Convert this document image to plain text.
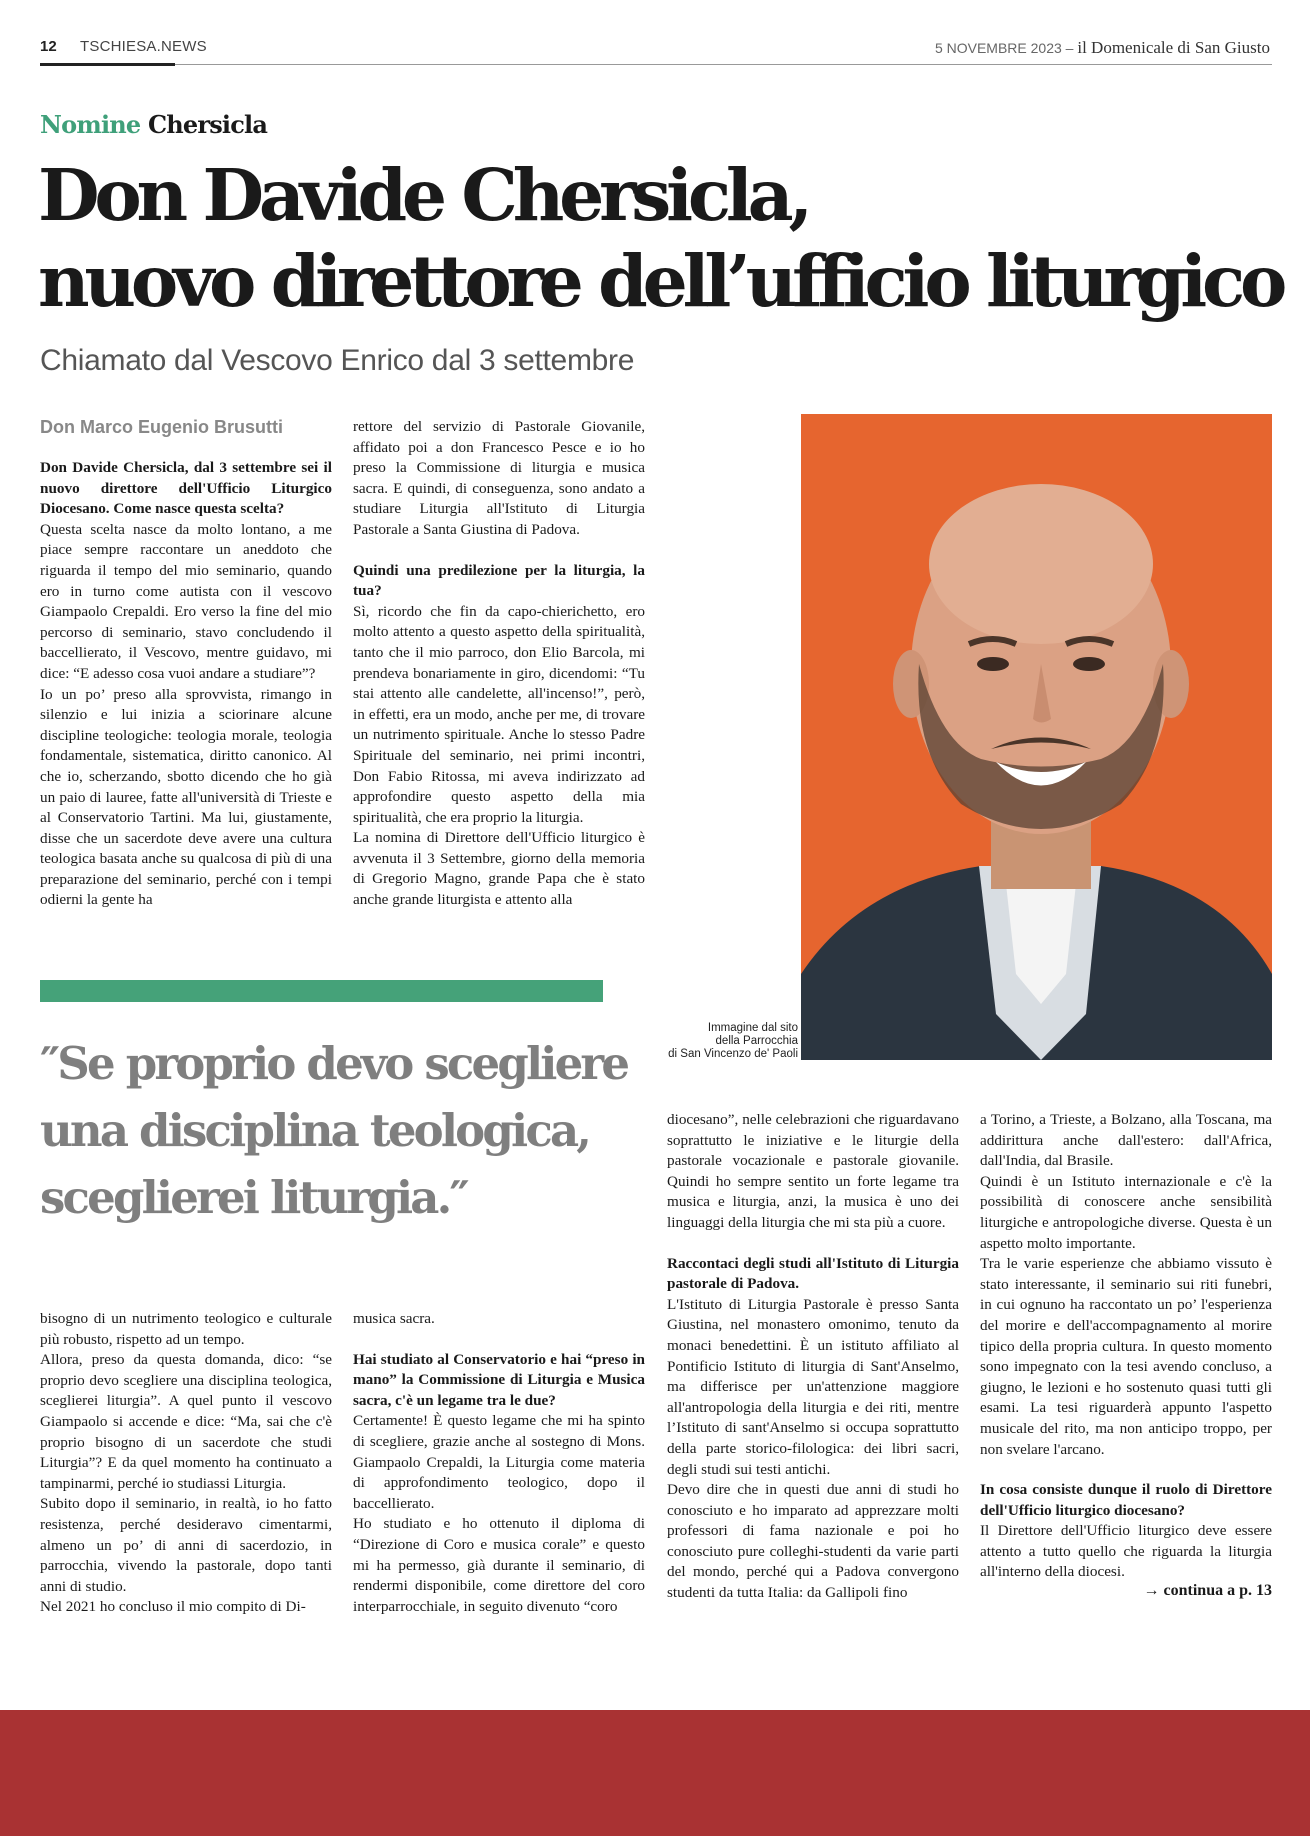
12 TSCHIESA.NEWS	5 NOVEMBRE 2023 – il Domenicale di San Giusto
Nomine Chersicla
Don Davide Chersicla,
nuovo direttore dell’ufficio liturgico
Chiamato dal Vescovo Enrico dal 3 settembre
Don Marco Eugenio Brusutti

Don Davide Chersicla, dal 3 settembre sei il nuovo direttore dell'Ufficio Liturgico Diocesano. Come nasce questa scelta?

Questa scelta nasce da molto lontano, a me piace sempre raccontare un aneddoto che riguarda il tempo del mio seminario, quando ero in turno come autista con il vescovo Giampaolo Crepaldi. Ero verso la fine del mio percorso di seminario, stavo concludendo il baccellierato, il Vescovo, mentre guidavo, mi dice: “E adesso cosa vuoi andare a studiare”?

Io un po’ preso alla sprovvista, rimango in silenzio e lui inizia a sciorinare alcune discipline teologiche: teologia morale, teologia fondamentale, sistematica, diritto canonico. Al che io, scherzando, sbotto dicendo che ho già un paio di lauree, fatte all'università di Trieste e al Conservatorio Tartini. Ma lui, giustamente, disse che un sacerdote deve avere una cultura teologica basata anche su qualcosa di più di una preparazione del seminario, perché con i tempi odierni la gente ha

rettore del servizio di Pastorale Giovanile, affidato poi a don Francesco Pesce e io ho preso la Commissione di liturgia e musica sacra. E quindi, di conseguenza, sono andato a studiare Liturgia all'Istituto di Liturgia Pastorale a Santa Giustina di Padova.

Quindi una predilezione per la liturgia, la tua?

Sì, ricordo che fin da capo-chierichetto, ero molto attento a questo aspetto della spiritualità, tanto che il mio parroco, don Elio Barcola, mi prendeva bonariamente in giro, dicendomi: “Tu stai attento alle candelette, all'incenso!”, però, in effetti, era un modo, anche per me, di trovare un nutrimento spirituale. Anche lo stesso Padre Spirituale del seminario, nei primi incontri, Don Fabio Ritossa, mi aveva indirizzato ad approfondire questo aspetto della mia spiritualità, che era proprio la liturgia.

La nomina di Direttore dell'Ufficio liturgico è avvenuta il 3 Settembre, giorno della memoria di Gregorio Magno, grande Papa che è stato anche grande liturgista e attento alla

Immagine dal sito
della Parrocchia
di San Vincenzo de' Paoli

″Se proprio devo scegliere
una disciplina teologica,
sceglierei liturgia.″

bisogno di un nutrimento teologico e culturale più robusto, rispetto ad un tempo.

Allora, preso da questa domanda, dico: “se proprio devo scegliere una disciplina teologica, sceglierei liturgia”. A quel punto il vescovo Giampaolo si accende e dice: “Ma, sai che c'è proprio bisogno di un sacerdote che studi Liturgia”? E da quel momento ha continuato a tampinarmi, perché io studiassi Liturgia.

Subito dopo il seminario, in realtà, io ho fatto resistenza, perché desideravo cimentarmi, almeno un po’ di anni di sacerdozio, in parrocchia, vivendo la pastorale, dopo tanti anni di studio.

Nel 2021 ho concluso il mio compito di Di-

musica sacra.

Hai studiato al Conservatorio e hai “preso in mano” la Commissione di Liturgia e Musica sacra, c'è un legame tra le due?

Certamente! È questo legame che mi ha spinto di scegliere, grazie anche al sostegno di Mons. Giampaolo Crepaldi, la Liturgia come materia di approfondimento teologico, dopo il baccellierato.

Ho studiato e ho ottenuto il diploma di “Direzione di Coro e musica corale” e questo mi ha permesso, già durante il seminario, di rendermi disponibile, come direttore del coro interparrocchiale, in seguito divenuto “coro

diocesano”, nelle celebrazioni che riguardavano soprattutto le iniziative e le liturgie della pastorale vocazionale e pastorale giovanile. Quindi ho sempre sentito un forte legame tra musica e liturgia, anzi, la musica è uno dei linguaggi della liturgia che mi sta più a cuore.

Raccontaci degli studi all'Istituto di Liturgia pastorale di Padova.

L'Istituto di Liturgia Pastorale è presso Santa Giustina, nel monastero omonimo, tenuto da monaci benedettini. È un istituto affiliato al Pontificio Istituto di liturgia di Sant'Anselmo, ma differisce per un'attenzione maggiore all'antropologia della liturgia e dei riti, mentre l’Istituto di sant'Anselmo si occupa soprattutto della parte storico-filologica: dei libri sacri, degli studi sui testi antichi.

Devo dire che in questi due anni di studi ho conosciuto e ho imparato ad apprezzare molti professori di fama nazionale e poi ho conosciuto pure colleghi-studenti da varie parti del mondo, perché qui a Padova convergono studenti da tutta Italia: da Gallipoli fino

a Torino, a Trieste, a Bolzano, alla Toscana, ma addirittura anche dall'estero: dall'Africa, dall'India, dal Brasile.

Quindi è un Istituto internazionale e c'è la possibilità di conoscere anche sensibilità liturgiche e antropologiche diverse. Questa è un aspetto molto importante.

Tra le varie esperienze che abbiamo vissuto è stato interessante, il seminario sui riti funebri, in cui ognuno ha raccontato un po’ l'esperienza del morire e dell'accompagnamento al morire tipico della propria cultura. In questo momento sono impegnato con la tesi avendo concluso, a giugno, le lezioni e ho sostenuto quasi tutti gli esami. La tesi riguarderà appunto l'aspetto musicale del rito, ma non anticipo troppo, per non svelare l'arcano.

In cosa consiste dunque il ruolo di Direttore dell'Ufficio liturgico diocesano?

Il Direttore dell'Ufficio liturgico deve essere attento a tutto quello che riguarda la liturgia all'interno della diocesi.

→ continua a p. 13
